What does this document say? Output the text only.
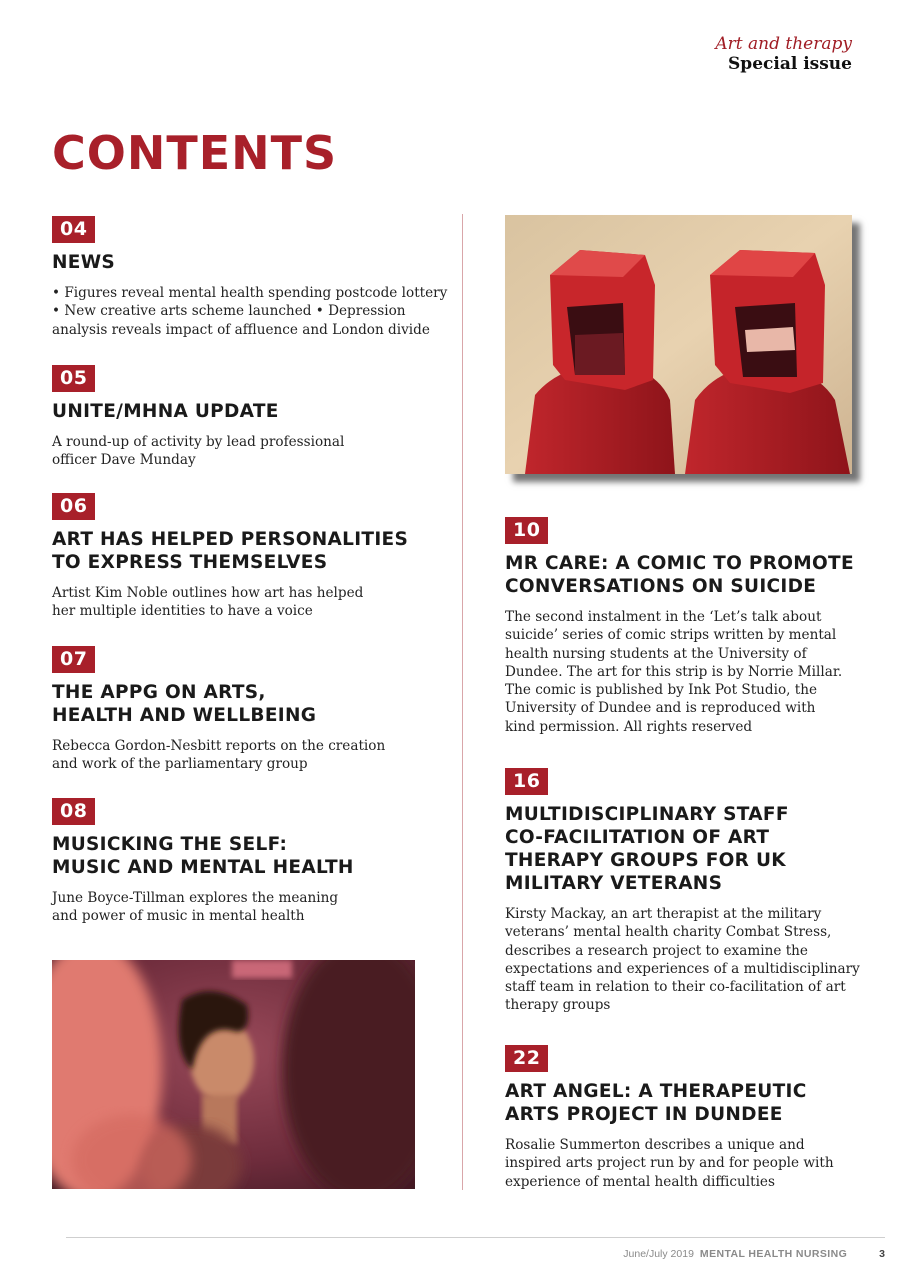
Art and therapy
Special issue
CONTENTS
04
NEWS
• Figures reveal mental health spending postcode lottery
• New creative arts scheme launched • Depression
analysis reveals impact of affluence and London divide
05
UNITE/MHNA UPDATE
A round-up of activity by lead professional
officer Dave Munday
06
ART HAS HELPED PERSONALITIES
TO EXPRESS THEMSELVES
Artist Kim Noble outlines how art has helped
her multiple identities to have a voice
07
THE APPG ON ARTS,
HEALTH AND WELLBEING
Rebecca Gordon-Nesbitt reports on the creation
and work of the parliamentary group
08
MUSICKING THE SELF:
MUSIC AND MENTAL HEALTH
June Boyce-Tillman explores the meaning
and power of music in mental health
10
MR CARE: A COMIC TO PROMOTE
CONVERSATIONS ON SUICIDE
The second instalment in the ‘Let’s talk about
suicide’ series of comic strips written by mental
health nursing students at the University of
Dundee. The art for this strip is by Norrie Millar.
The comic is published by Ink Pot Studio, the
University of Dundee and is reproduced with
kind permission. All rights reserved
16
MULTIDISCIPLINARY STAFF
CO-FACILITATION OF ART
THERAPY GROUPS FOR UK
MILITARY VETERANS
Kirsty Mackay, an art therapist at the military
veterans’ mental health charity Combat Stress,
describes a research project to examine the
expectations and experiences of a multidisciplinary
staff team in relation to their co-facilitation of art
therapy groups
22
ART ANGEL: A THERAPEUTIC
ARTS PROJECT IN DUNDEE
Rosalie Summerton describes a unique and
inspired arts project run by and for people with
experience of mental health difficulties
June/July 2019 MENTAL HEALTH NURSING	3
